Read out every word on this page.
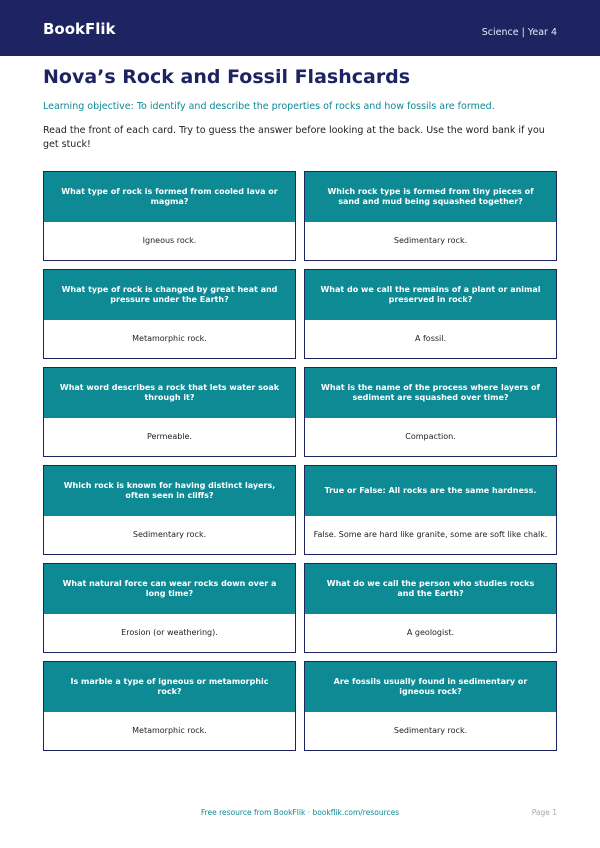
BookFlik	Science | Year 4
Nova’s Rock and Fossil Flashcards

Learning objective: To identify and describe the properties of rocks and how fossils are formed.

Read the front of each card. Try to guess the answer before looking at the back. Use the word bank if you get stuck!

What type of rock is formed from cooled lava or magma?
Igneous rock.
Which rock type is formed from tiny pieces of sand and mud being squashed together?
Sedimentary rock.
What type of rock is changed by great heat and pressure under the Earth?
Metamorphic rock.
What do we call the remains of a plant or animal preserved in rock?
A fossil.
What word describes a rock that lets water soak through it?
Permeable.
What is the name of the process where layers of sediment are squashed over time?
Compaction.
Which rock is known for having distinct layers, often seen in cliffs?
Sedimentary rock.
True or False: All rocks are the same hardness.
False. Some are hard like granite, some are soft like chalk.
What natural force can wear rocks down over a long time?
Erosion (or weathering).
What do we call the person who studies rocks and the Earth?
A geologist.
Is marble a type of igneous or metamorphic rock?
Metamorphic rock.
Are fossils usually found in sedimentary or igneous rock?
Sedimentary rock.
Free resource from BookFlik · bookflik.com/resources	Page 1
